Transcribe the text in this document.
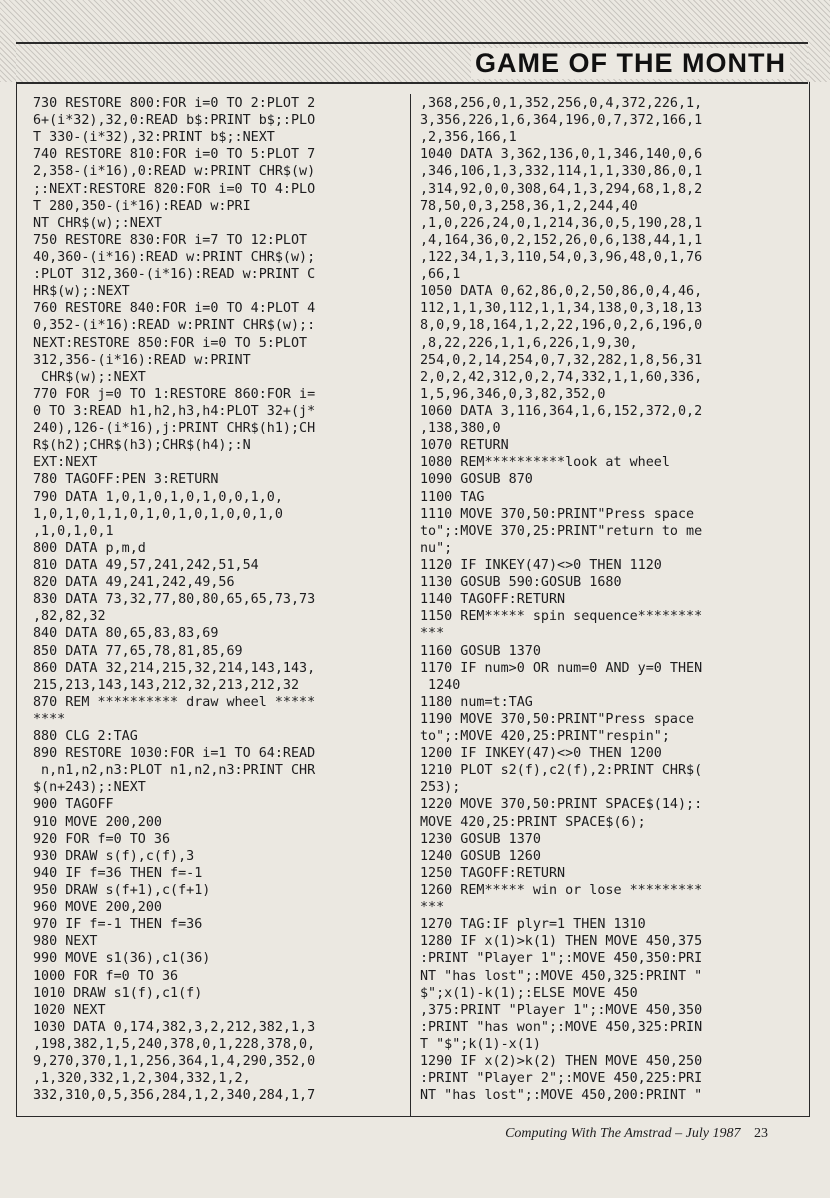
GAME OF THE MONTH
730 RESTORE 800:FOR i=0 TO 2:PLOT 2
6+(i*32),32,0:READ b$:PRINT b$;:PLO
T 330-(i*32),32:PRINT b$;:NEXT
740 RESTORE 810:FOR i=0 TO 5:PLOT 7
2,358-(i*16),0:READ w:PRINT CHR$(w)
;:NEXT:RESTORE 820:FOR i=0 TO 4:PLO
T 280,350-(i*16):READ w:PRI
NT CHR$(w);:NEXT
750 RESTORE 830:FOR i=7 TO 12:PLOT
40,360-(i*16):READ w:PRINT CHR$(w);
:PLOT 312,360-(i*16):READ w:PRINT C
HR$(w);:NEXT
760 RESTORE 840:FOR i=0 TO 4:PLOT 4
0,352-(i*16):READ w:PRINT CHR$(w);:
NEXT:RESTORE 850:FOR i=0 TO 5:PLOT
312,356-(i*16):READ w:PRINT
CHR$(w);:NEXT
770 FOR j=0 TO 1:RESTORE 860:FOR i=
0 TO 3:READ h1,h2,h3,h4:PLOT 32+(j*
240),126-(i*16),j:PRINT CHR$(h1);CH
R$(h2);CHR$(h3);CHR$(h4);:N
EXT:NEXT
780 TAGOFF:PEN 3:RETURN
790 DATA 1,0,1,0,1,0,1,0,0,1,0,
1,0,1,0,1,1,0,1,0,1,0,1,0,0,1,0
,1,0,1,0,1
800 DATA p,m,d
810 DATA 49,57,241,242,51,54
820 DATA 49,241,242,49,56
830 DATA 73,32,77,80,80,65,65,73,73
,82,82,32
840 DATA 80,65,83,83,69
850 DATA 77,65,78,81,85,69
860 DATA 32,214,215,32,214,143,143,
215,213,143,143,212,32,213,212,32
870 REM ********** draw wheel *****
****
880 CLG 2:TAG
890 RESTORE 1030:FOR i=1 TO 64:READ
n,n1,n2,n3:PLOT n1,n2,n3:PRINT CHR
$(n+243);:NEXT
900 TAGOFF
910 MOVE 200,200
920 FOR f=0 TO 36
930 DRAW s(f),c(f),3
940 IF f=36 THEN f=-1
950 DRAW s(f+1),c(f+1)
960 MOVE 200,200
970 IF f=-1 THEN f=36
980 NEXT
990 MOVE s1(36),c1(36)
1000 FOR f=0 TO 36
1010 DRAW s1(f),c1(f)
1020 NEXT
1030 DATA 0,174,382,3,2,212,382,1,3
,198,382,1,5,240,378,0,1,228,378,0,
9,270,370,1,1,256,364,1,4,290,352,0
,1,320,332,1,2,304,332,1,2,
332,310,0,5,356,284,1,2,340,284,1,7
,368,256,0,1,352,256,0,4,372,226,1,
3,356,226,1,6,364,196,0,7,372,166,1
,2,356,166,1
1040 DATA 3,362,136,0,1,346,140,0,6
,346,106,1,3,332,114,1,1,330,86,0,1
,314,92,0,0,308,64,1,3,294,68,1,8,2
78,50,0,3,258,36,1,2,244,40
,1,0,226,24,0,1,214,36,0,5,190,28,1
,4,164,36,0,2,152,26,0,6,138,44,1,1
,122,34,1,3,110,54,0,3,96,48,0,1,76
,66,1
1050 DATA 0,62,86,0,2,50,86,0,4,46,
112,1,1,30,112,1,1,34,138,0,3,18,13
8,0,9,18,164,1,2,22,196,0,2,6,196,0
,8,22,226,1,1,6,226,1,9,30,
254,0,2,14,254,0,7,32,282,1,8,56,31
2,0,2,42,312,0,2,74,332,1,1,60,336,
1,5,96,346,0,3,82,352,0
1060 DATA 3,116,364,1,6,152,372,0,2
,138,380,0
1070 RETURN
1080 REM**********look at wheel
1090 GOSUB 870
1100 TAG
1110 MOVE 370,50:PRINT"Press space
to";:MOVE 370,25:PRINT"return to me
nu";
1120 IF INKEY(47)<>0 THEN 1120
1130 GOSUB 590:GOSUB 1680
1140 TAGOFF:RETURN
1150 REM***** spin sequence********
***
1160 GOSUB 1370
1170 IF num>0 OR num=0 AND y=0 THEN
1240
1180 num=t:TAG
1190 MOVE 370,50:PRINT"Press space
to";:MOVE 420,25:PRINT"respin";
1200 IF INKEY(47)<>0 THEN 1200
1210 PLOT s2(f),c2(f),2:PRINT CHR$(
253);
1220 MOVE 370,50:PRINT SPACE$(14);:
MOVE 420,25:PRINT SPACE$(6);
1230 GOSUB 1370
1240 GOSUB 1260
1250 TAGOFF:RETURN
1260 REM***** win or lose *********
***
1270 TAG:IF plyr=1 THEN 1310
1280 IF x(1)>k(1) THEN MOVE 450,375
:PRINT "Player 1";:MOVE 450,350:PRI
NT "has lost";:MOVE 450,325:PRINT "
$";x(1)-k(1);:ELSE MOVE 450
,375:PRINT "Player 1";:MOVE 450,350
:PRINT "has won";:MOVE 450,325:PRIN
T "$";k(1)-x(1)
1290 IF x(2)>k(2) THEN MOVE 450,250
:PRINT "Player 2";:MOVE 450,225:PRI
NT "has lost";:MOVE 450,200:PRINT "
Computing With The Amstrad – July 1987 23
